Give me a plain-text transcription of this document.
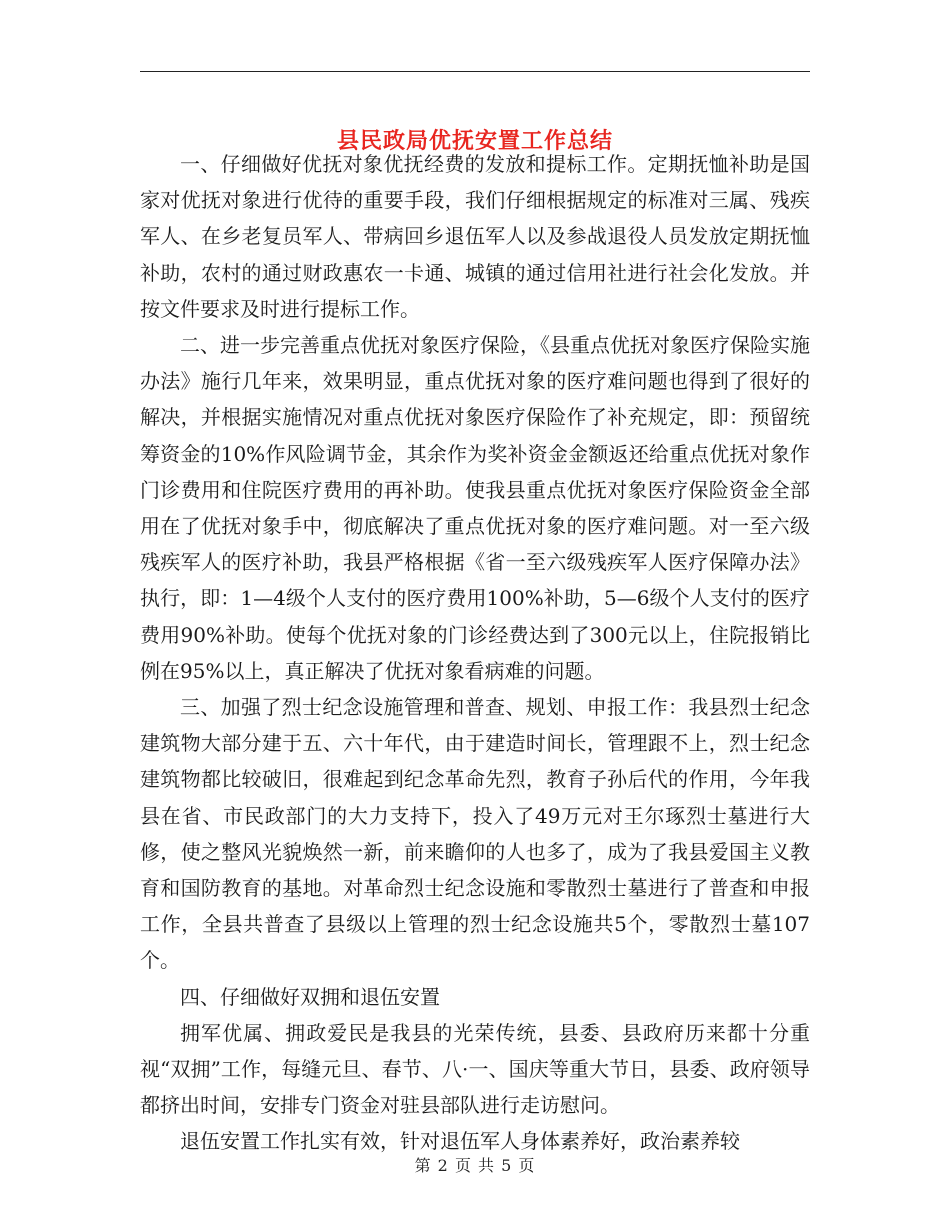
县民政局优抚安置工作总结

一、仔细做好优抚对象优抚经费的发放和提标工作。定期抚恤补助是国家对优抚对象进行优待的重要手段，我们仔细根据规定的标准对三属、残疾军人、在乡老复员军人、带病回乡退伍军人以及参战退役人员发放定期抚恤补助，农村的通过财政惠农一卡通、城镇的通过信用社进行社会化发放。并按文件要求及时进行提标工作。

二、进一步完善重点优抚对象医疗保险，《县重点优抚对象医疗保险实施办法》施行几年来，效果明显，重点优抚对象的医疗难问题也得到了很好的解决，并根据实施情况对重点优抚对象医疗保险作了补充规定，即：预留统筹资金的10%作风险调节金，其余作为奖补资金金额返还给重点优抚对象作门诊费用和住院医疗费用的再补助。使我县重点优抚对象医疗保险资金全部用在了优抚对象手中，彻底解决了重点优抚对象的医疗难问题。对一至六级残疾军人的医疗补助，我县严格根据《省一至六级残疾军人医疗保障办法》执行，即：1—4级个人支付的医疗费用100%补助，5—6级个人支付的医疗费用90%补助。使每个优抚对象的门诊经费达到了300元以上，住院报销比例在95%以上，真正解决了优抚对象看病难的问题。

三、加强了烈士纪念设施管理和普查、规划、申报工作：我县烈士纪念建筑物大部分建于五、六十年代，由于建造时间长，管理跟不上，烈士纪念建筑物都比较破旧，很难起到纪念革命先烈，教育子孙后代的作用，今年我县在省、市民政部门的大力支持下，投入了49万元对王尔琢烈士墓进行大修，使之整风光貌焕然一新，前来瞻仰的人也多了，成为了我县爱国主义教育和国防教育的基地。对革命烈士纪念设施和零散烈士墓进行了普查和申报工作，全县共普查了县级以上管理的烈士纪念设施共5个，零散烈士墓107个。

四、仔细做好双拥和退伍安置

拥军优属、拥政爱民是我县的光荣传统，县委、县政府历来都十分重视“双拥”工作，每缝元旦、春节、八·一、国庆等重大节日，县委、政府领导都挤出时间，安排专门资金对驻县部队进行走访慰问。

退伍安置工作扎实有效，针对退伍军人身体素养好，政治素养较

第 2 页 共 5 页
